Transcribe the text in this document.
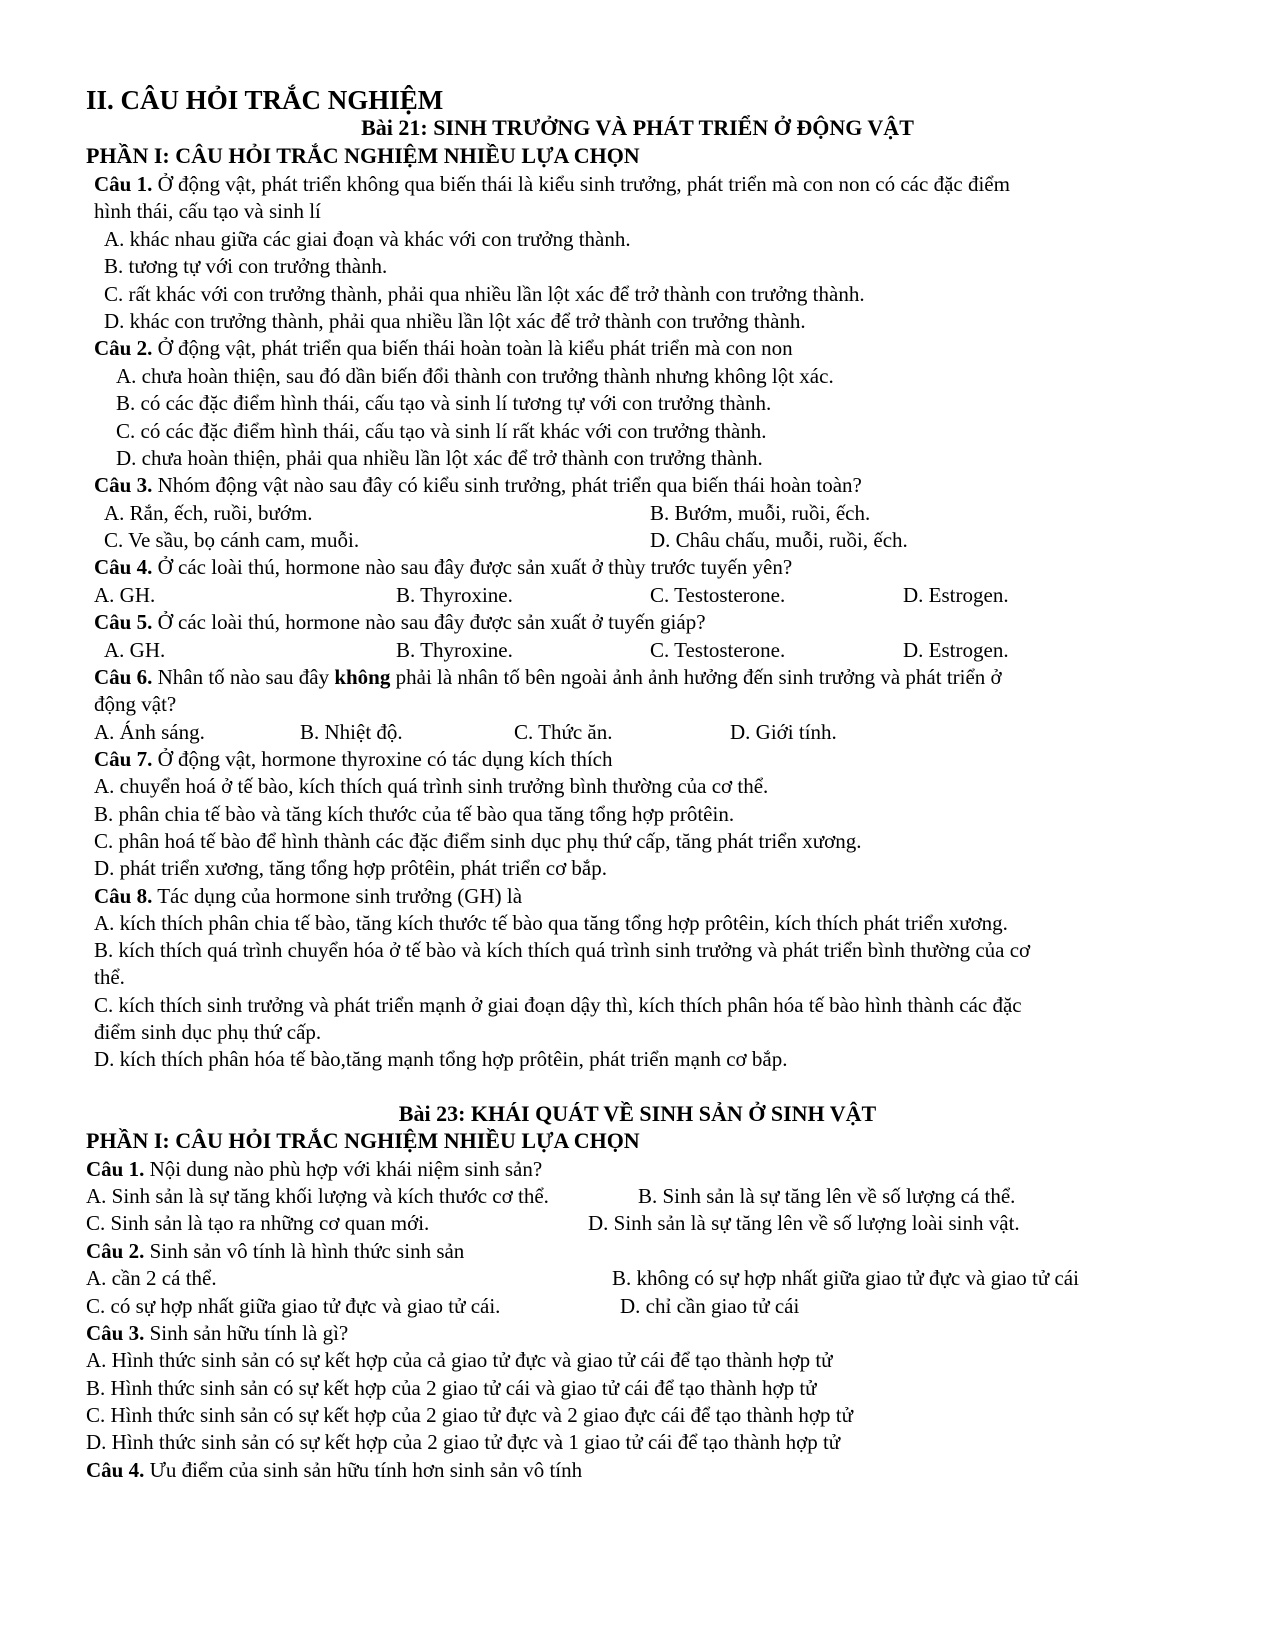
II. CÂU HỎI TRẮC NGHIỆM
Bài 21: SINH TRƯỞNG VÀ PHÁT TRIỂN Ở ĐỘNG VẬT
PHẦN I: CÂU HỎI TRẮC NGHIỆM NHIỀU LỰA CHỌN
Câu 1. Ở động vật, phát triển không qua biến thái là kiểu sinh trưởng, phát triển mà con non có các đặc điểm
hình thái, cấu tạo và sinh lí
A. khác nhau giữa các giai đoạn và khác với con trưởng thành.
B. tương tự với con trưởng thành.
C. rất khác với con trưởng thành, phải qua nhiều lần lột xác để trở thành con trưởng thành.
D. khác con trưởng thành, phải qua nhiều lần lột xác để trở thành con trưởng thành.
Câu 2. Ở động vật, phát triển qua biến thái hoàn toàn là kiểu phát triển mà con non
A. chưa hoàn thiện, sau đó dần biến đổi thành con trưởng thành nhưng không lột xác.
B. có các đặc điểm hình thái, cấu tạo và sinh lí tương tự với con trưởng thành.
C. có các đặc điểm hình thái, cấu tạo và sinh lí rất khác với con trưởng thành.
D. chưa hoàn thiện, phải qua nhiều lần lột xác để trở thành con trưởng thành.
Câu 3. Nhóm động vật nào sau đây có kiểu sinh trưởng, phát triển qua biến thái hoàn toàn?
A. Rắn, ếch, ruồi, bướm.	B. Bướm, muỗi, ruồi, ếch.
C. Ve sầu, bọ cánh cam, muỗi.	D. Châu chấu, muỗi, ruồi, ếch.
Câu 4. Ở các loài thú, hormone nào sau đây được sản xuất ở thùy trước tuyến yên?
A. GH.	B. Thyroxine.	C. Testosterone.	D. Estrogen.
Câu 5. Ở các loài thú, hormone nào sau đây được sản xuất ở tuyến giáp?
A. GH.	B. Thyroxine.	C. Testosterone.	D. Estrogen.
Câu 6. Nhân tố nào sau đây không phải là nhân tố bên ngoài ảnh ảnh hưởng đến sinh trưởng và phát triển ở
động vật?
A. Ánh sáng.	B. Nhiệt độ.	C. Thức ăn.	D. Giới tính.
Câu 7. Ở động vật, hormone thyroxine có tác dụng kích thích
A. chuyển hoá ở tế bào, kích thích quá trình sinh trưởng bình thường của cơ thể.
B. phân chia tế bào và tăng kích thước của tế bào qua tăng tổng hợp prôtêin.
C. phân hoá tế bào để hình thành các đặc điểm sinh dục phụ thứ cấp, tăng phát triển xương.
D. phát triển xương, tăng tổng hợp prôtêin, phát triển cơ bắp.
Câu 8. Tác dụng của hormone sinh trưởng (GH) là
A. kích thích phân chia tế bào, tăng kích thước tế bào qua tăng tổng hợp prôtêin, kích thích phát triển xương.
B. kích thích quá trình chuyển hóa ở tế bào và kích thích quá trình sinh trưởng và phát triển bình thường của cơ
thể.
C. kích thích sinh trưởng và phát triển mạnh ở giai đoạn dậy thì, kích thích phân hóa tế bào hình thành các đặc
điểm sinh dục phụ thứ cấp.
D. kích thích phân hóa tế bào,tăng mạnh tổng hợp prôtêin, phát triển mạnh cơ bắp.
Bài 23: KHÁI QUÁT VỀ SINH SẢN Ở SINH VẬT
PHẦN I: CÂU HỎI TRẮC NGHIỆM NHIỀU LỰA CHỌN
Câu 1. Nội dung nào phù hợp với khái niệm sinh sản?
A. Sinh sản là sự tăng khối lượng và kích thước cơ thể.	B. Sinh sản là sự tăng lên về số lượng cá thể.
C. Sinh sản là tạo ra những cơ quan mới.	D. Sinh sản là sự tăng lên về số lượng loài sinh vật.
Câu 2. Sinh sản vô tính là hình thức sinh sản
A. cần 2 cá thể.	B. không có sự hợp nhất giữa giao tử đực và giao tử cái
C. có sự hợp nhất giữa giao tử đực và giao tử cái.	D. chỉ cần giao tử cái
Câu 3. Sinh sản hữu tính là gì?
A. Hình thức sinh sản có sự kết hợp của cả giao tử đực và giao tử cái để tạo thành hợp tử
B. Hình thức sinh sản có sự kết hợp của 2 giao tử cái và giao tử cái để tạo thành hợp tử
C. Hình thức sinh sản có sự kết hợp của 2 giao tử đực và 2 giao đực cái để tạo thành hợp tử
D. Hình thức sinh sản có sự kết hợp của 2 giao tử đực và 1 giao tử cái để tạo thành hợp tử
Câu 4. Ưu điểm của sinh sản hữu tính hơn sinh sản vô tính
